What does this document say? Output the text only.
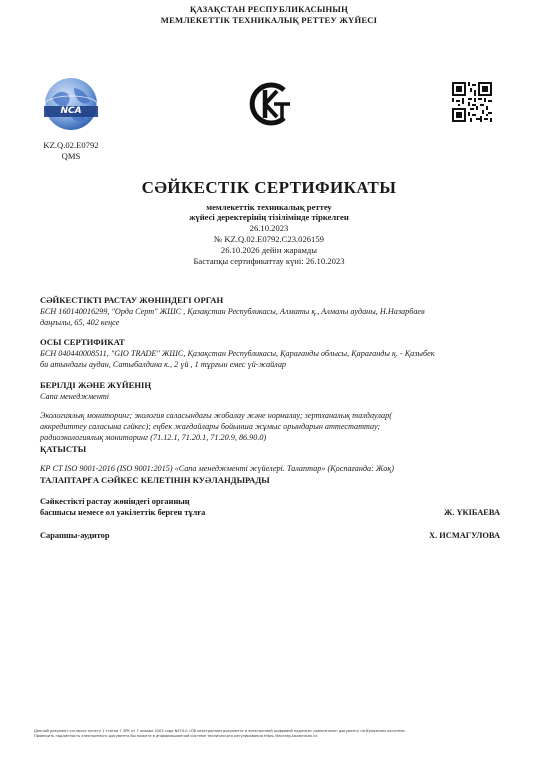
ҚАЗАҚСТАН РЕСПУБЛИКАСЫНЫҢ
МЕМЛЕКЕТТІК ТЕХНИКАЛЫҚ РЕТТЕУ ЖҮЙЕСІ
NCA
KZ.Q.02.E0792
QMS
СӘЙКЕСТІК СЕРТИФИКАТЫ
мемлекеттік техникалық реттеу
жүйесі деректерінің тізілімінде тіркелген
26.10.2023
№ KZ.Q.02.E0792.C23.026159
26.10.2026 дейін жарамды
Бастапқы сертификаттау күні: 26.10.2023
СӘЙКЕСТІКТІ РАСТАУ ЖӨНІНДЕГІ ОРГАН
БСН 160140016299, "Орда Серт" ЖШС , Қазақстан Республикасы, Алматы қ., Алмалы ауданы, Н.Назарбаев
даңғылы, 65, 402 кеңсе
ОСЫ СЕРТИФИКАТ
БСН 040440008511, "GIO TRADE" ЖШС, Қазақстан Республикасы, Қарағанды облысы, Қарағанды қ. - Қазыбек
би атындағы аудан, Сатыбалдина к., 2 үй , 1 тұрғын емес үй-жайлар
БЕРІЛДІ ЖӘНЕ ЖҮЙЕНІҢ
Сапа менеджменті
Экологиялық мониторинг; экология саласындағы жобалау және нормалау; зертханалық талдаулар(
аккредиттеу саласына сәйкес); еңбек жағдайлары бойынша жұмыс орындарын аттестаттау;
радиоэкологиялық мониторинг (71.12.1, 71.20.1, 71.20.9, 86.90.0)
ҚАТЫСТЫ
КР СТ ISO 9001-2016 (ISO 9001:2015) «Сапа менеджменті жүйелері. Талаптар» (Қоспағанда: Жоқ)
ТАЛАПТАРҒА СӘЙКЕС КЕЛЕТІНІН КУӘЛАНДЫРАДЫ
Сәйкестікті растау жөніндегі органның
басшысы немесе ол уәкілеттік берген тұлға	Ж. ҮКІБАЕВА
Сарапшы-аудитор	Х. ИСМАГУЛОВА
Данный документ согласно пункту 1 статьи 7 ЗРК от 7 января 2003 года N370-II «Об электронном документе и электронной цифровой подписи» равнозначен документу на бумажном носителе.
Проверить подлинность электронного документа Вы можете в информационной системе технического регулирования https://techreg.kazakhstan.kz
